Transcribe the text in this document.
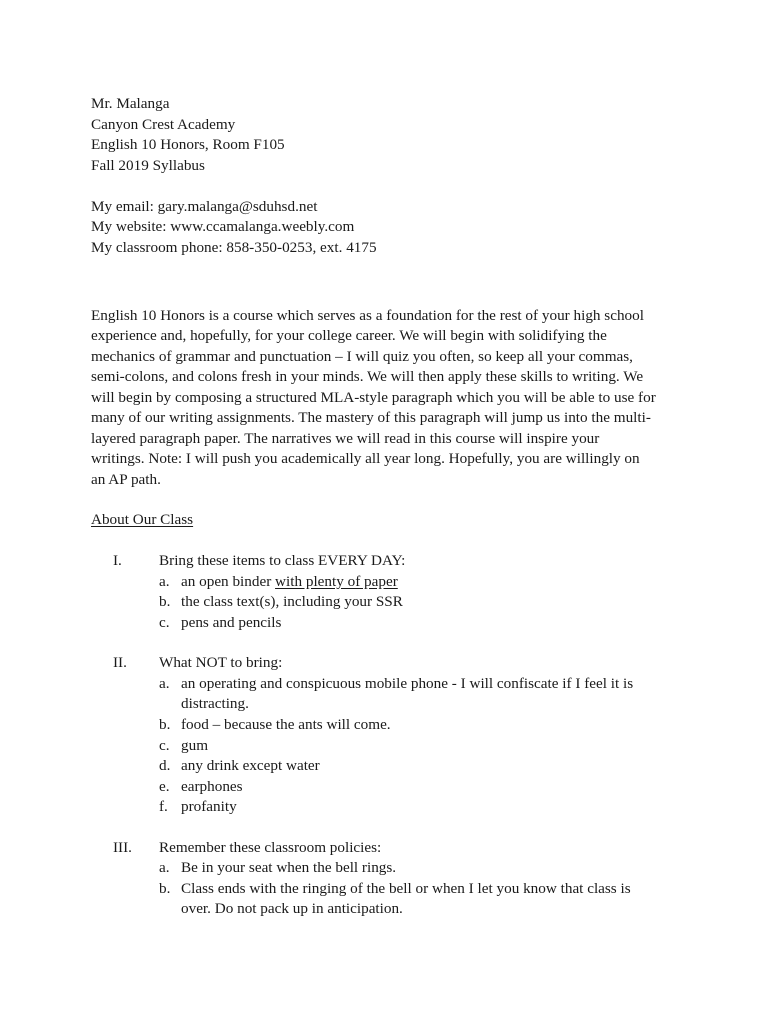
Mr. Malanga
Canyon Crest Academy
English 10 Honors, Room F105
Fall 2019 Syllabus
My email: gary.malanga@sduhsd.net
My website: www.ccamalanga.weebly.com
My classroom phone: 858-350-0253, ext. 4175
English 10 Honors is a course which serves as a foundation for the rest of your high school
experience and, hopefully, for your college career. We will begin with solidifying the
mechanics of grammar and punctuation – I will quiz you often, so keep all your commas,
semi-colons, and colons fresh in your minds. We will then apply these skills to writing. We
will begin by composing a structured MLA-style paragraph which you will be able to use for
many of our writing assignments. The mastery of this paragraph will jump us into the multi-
layered paragraph paper. The narratives we will read in this course will inspire your
writings. Note: I will push you academically all year long. Hopefully, you are willingly on
an AP path.
About Our Class
I. Bring these items to class EVERY DAY:
a. an open binder with plenty of paper
b. the class text(s), including your SSR
c. pens and pencils
II. What NOT to bring:
a. an operating and conspicuous mobile phone - I will confiscate if I feel it is
distracting.
b. food – because the ants will come.
c. gum
d. any drink except water
e. earphones
f. profanity
III. Remember these classroom policies:
a. Be in your seat when the bell rings.
b. Class ends with the ringing of the bell or when I let you know that class is
over. Do not pack up in anticipation.
